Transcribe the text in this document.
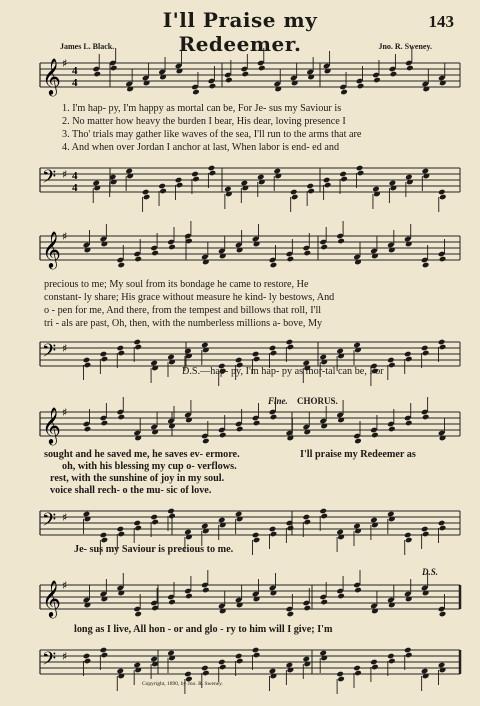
I'll Praise my Redeemer.
143
James L. Black.	Jno. R. Sweney.
𝄞 ♯
4
4
1. I'm hap- py, I'm happy as mortal can be, For Je- sus my Saviour is
2. No matter how heavy the burden I bear, His dear, loving presence I
3. Tho' trials may gather like waves of the sea, I'll run to the arms that are
4. And when over Jordan I anchor at last, When labor is end- ed and
𝄢 ♯ 4
4
𝄞 ♯
precious to me; My soul from its bondage he came to restore, He
constant- ly share; His grace without measure he kind- ly bestows, And
o - pen for me, And there, from the tempest and billows that roll, I'll
tri - als are past, Oh, then, with the numberless millions a- bove, My
𝄢 ♯
D.S.—hap- py, I'm hap- py as mor-tal can be, For
Fine. CHORUS.
𝄞 ♯
sought and he saved me, he saves ev- ermore.	I'll praise my Redeemer as
oh, with his blessing my cup o- verflows.
rest, with the sunshine of joy in my soul.
voice shall rech- o the mu- sic of love.
𝄢 ♯
Je- sus my Saviour is precious to me.
D.S.
𝄞 ♯
long as I live, All hon - or and glo - ry to him will I give; I'm
𝄢 ♯
Copyright, 1890, by Jno. R. Sweney.
